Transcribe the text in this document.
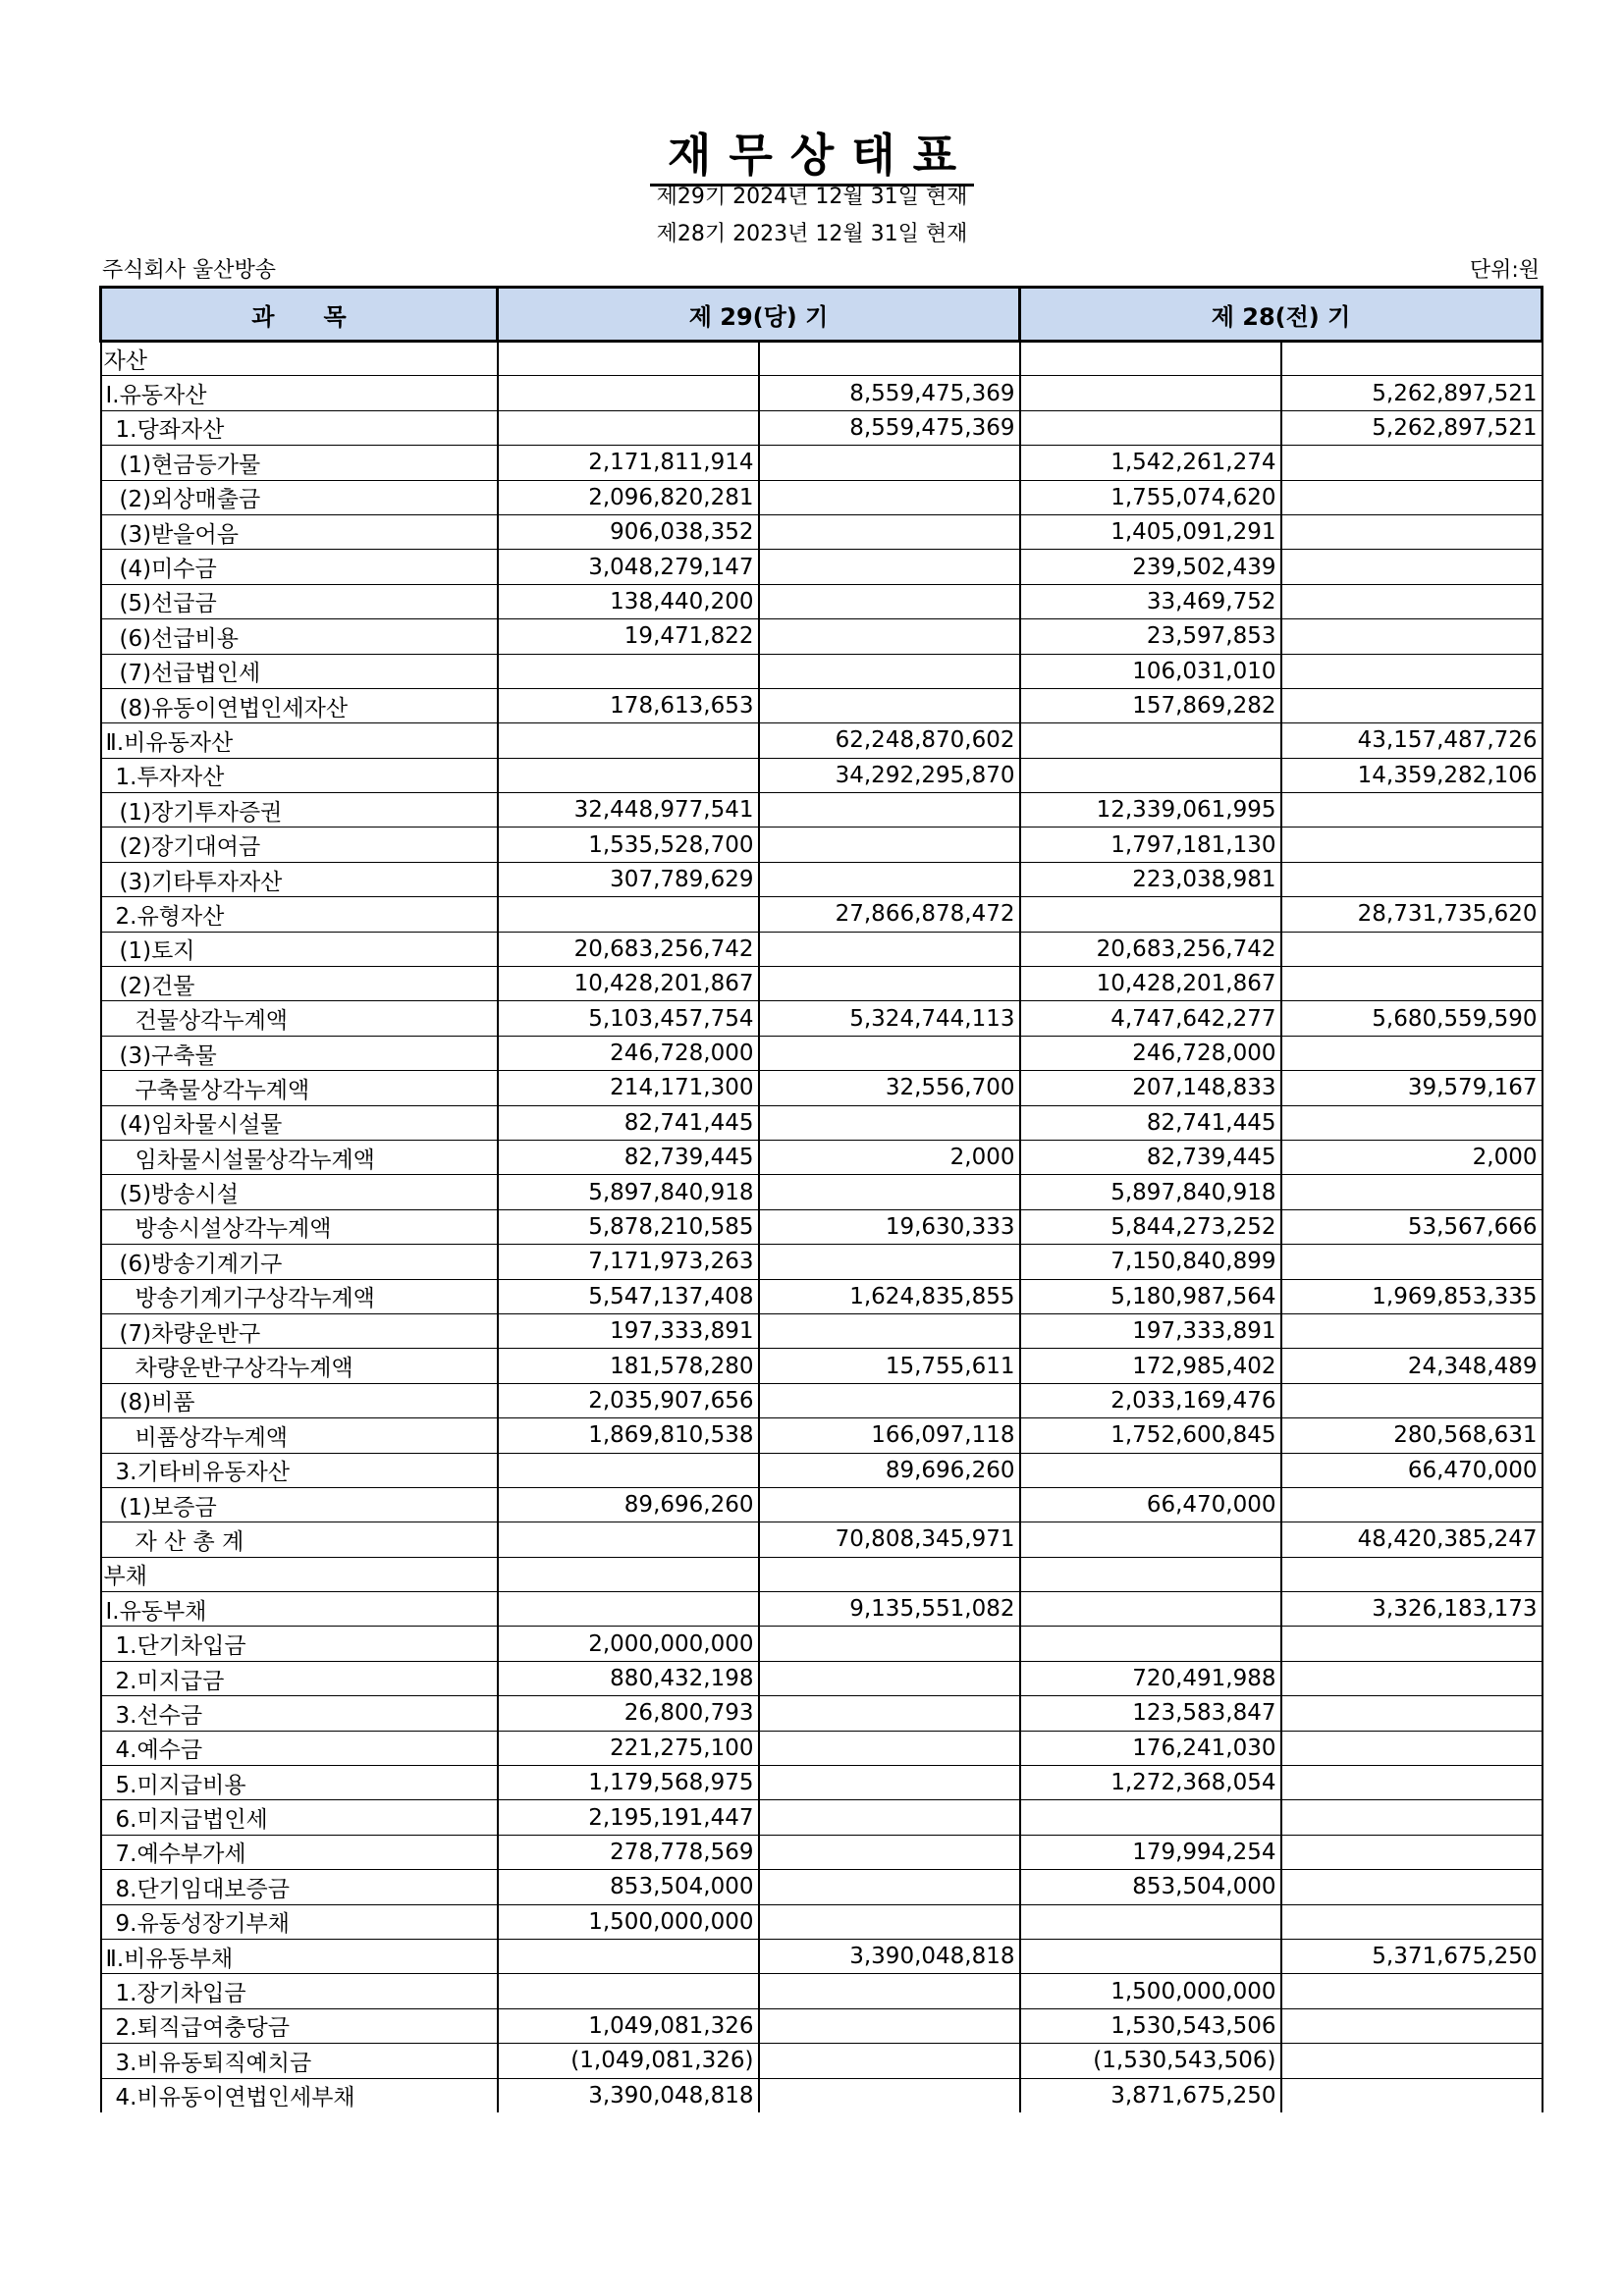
재무상태표
제29기 2024년 12월 31일 현재
제28기 2023년 12월 31일 현재
주식회사 울산방송	단위:원
과      목	제 29(당) 기		제 28(전) 기	
자산				
Ⅰ.유동자산		8,559,475,369		5,262,897,521
1.당좌자산		8,559,475,369		5,262,897,521
(1)현금등가물	2,171,811,914		1,542,261,274	
(2)외상매출금	2,096,820,281		1,755,074,620	
(3)받을어음	906,038,352		1,405,091,291	
(4)미수금	3,048,279,147		239,502,439	
(5)선급금	138,440,200		33,469,752	
(6)선급비용	19,471,822		23,597,853	
(7)선급법인세			106,031,010	
(8)유동이연법인세자산	178,613,653		157,869,282	
Ⅱ.비유동자산		62,248,870,602		43,157,487,726
1.투자자산		34,292,295,870		14,359,282,106
(1)장기투자증권	32,448,977,541		12,339,061,995	
(2)장기대여금	1,535,528,700		1,797,181,130	
(3)기타투자자산	307,789,629		223,038,981	
2.유형자산		27,866,878,472		28,731,735,620
(1)토지	20,683,256,742		20,683,256,742	
(2)건물	10,428,201,867		10,428,201,867	
건물상각누계액	5,103,457,754	5,324,744,113	4,747,642,277	5,680,559,590
(3)구축물	246,728,000		246,728,000	
구축물상각누계액	214,171,300	32,556,700	207,148,833	39,579,167
(4)임차물시설물	82,741,445		82,741,445	
임차물시설물상각누계액	82,739,445	2,000	82,739,445	2,000
(5)방송시설	5,897,840,918		5,897,840,918	
방송시설상각누계액	5,878,210,585	19,630,333	5,844,273,252	53,567,666
(6)방송기계기구	7,171,973,263		7,150,840,899	
방송기계기구상각누계액	5,547,137,408	1,624,835,855	5,180,987,564	1,969,853,335
(7)차량운반구	197,333,891		197,333,891	
차량운반구상각누계액	181,578,280	15,755,611	172,985,402	24,348,489
(8)비품	2,035,907,656		2,033,169,476	
비품상각누계액	1,869,810,538	166,097,118	1,752,600,845	280,568,631
3.기타비유동자산		89,696,260		66,470,000
(1)보증금	89,696,260		66,470,000	
자 산 총 계		70,808,345,971		48,420,385,247
부채				
Ⅰ.유동부채		9,135,551,082		3,326,183,173
1.단기차입금	2,000,000,000			
2.미지급금	880,432,198		720,491,988	
3.선수금	26,800,793		123,583,847	
4.예수금	221,275,100		176,241,030	
5.미지급비용	1,179,568,975		1,272,368,054	
6.미지급법인세	2,195,191,447			
7.예수부가세	278,778,569		179,994,254	
8.단기임대보증금	853,504,000		853,504,000	
9.유동성장기부채	1,500,000,000			
Ⅱ.비유동부채		3,390,048,818		5,371,675,250
1.장기차입금			1,500,000,000	
2.퇴직급여충당금	1,049,081,326		1,530,543,506	
3.비유동퇴직예치금	(1,049,081,326)		(1,530,543,506)	
4.비유동이연법인세부채	3,390,048,818		3,871,675,250	
